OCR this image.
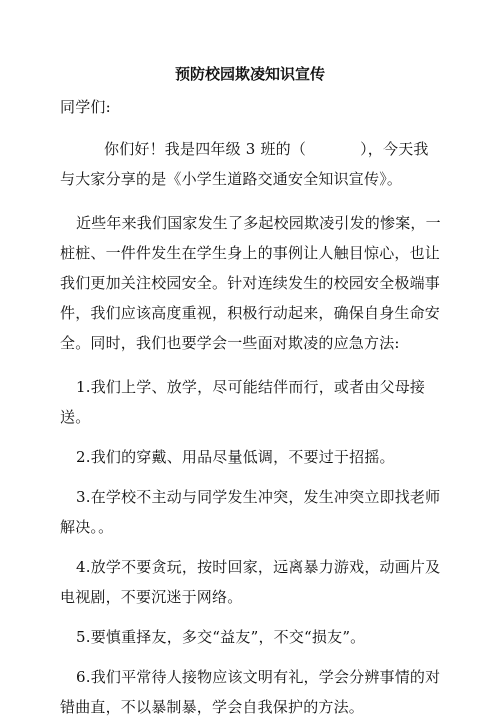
预防校园欺凌知识宣传

同学们:

你们好！我是四年级 3 班的（	），今天我与大家分享的是《小学生道路交通安全知识宣传》。

近些年来我们国家发生了多起校园欺凌引发的惨案，一桩桩、一件件发生在学生身上的事例让人触目惊心，也让我们更加关注校园安全。针对连续发生的校园安全极端事件，我们应该高度重视，积极行动起来，确保自身生命安全。同时，我们也要学会一些面对欺凌的应急方法:

1.我们上学、放学，尽可能结伴而行，或者由父母接送。

2.我们的穿戴、用品尽量低调，不要过于招摇。

3.在学校不主动与同学发生冲突，发生冲突立即找老师解决。。

4.放学不要贪玩，按时回家，远离暴力游戏，动画片及电视剧，不要沉迷于网络。

5.要慎重择友，多交“益友”，不交“损友”。

6.我们平常待人接物应该文明有礼，学会分辨事情的对错曲直，不以暴制暴，学会自我保护的方法。
